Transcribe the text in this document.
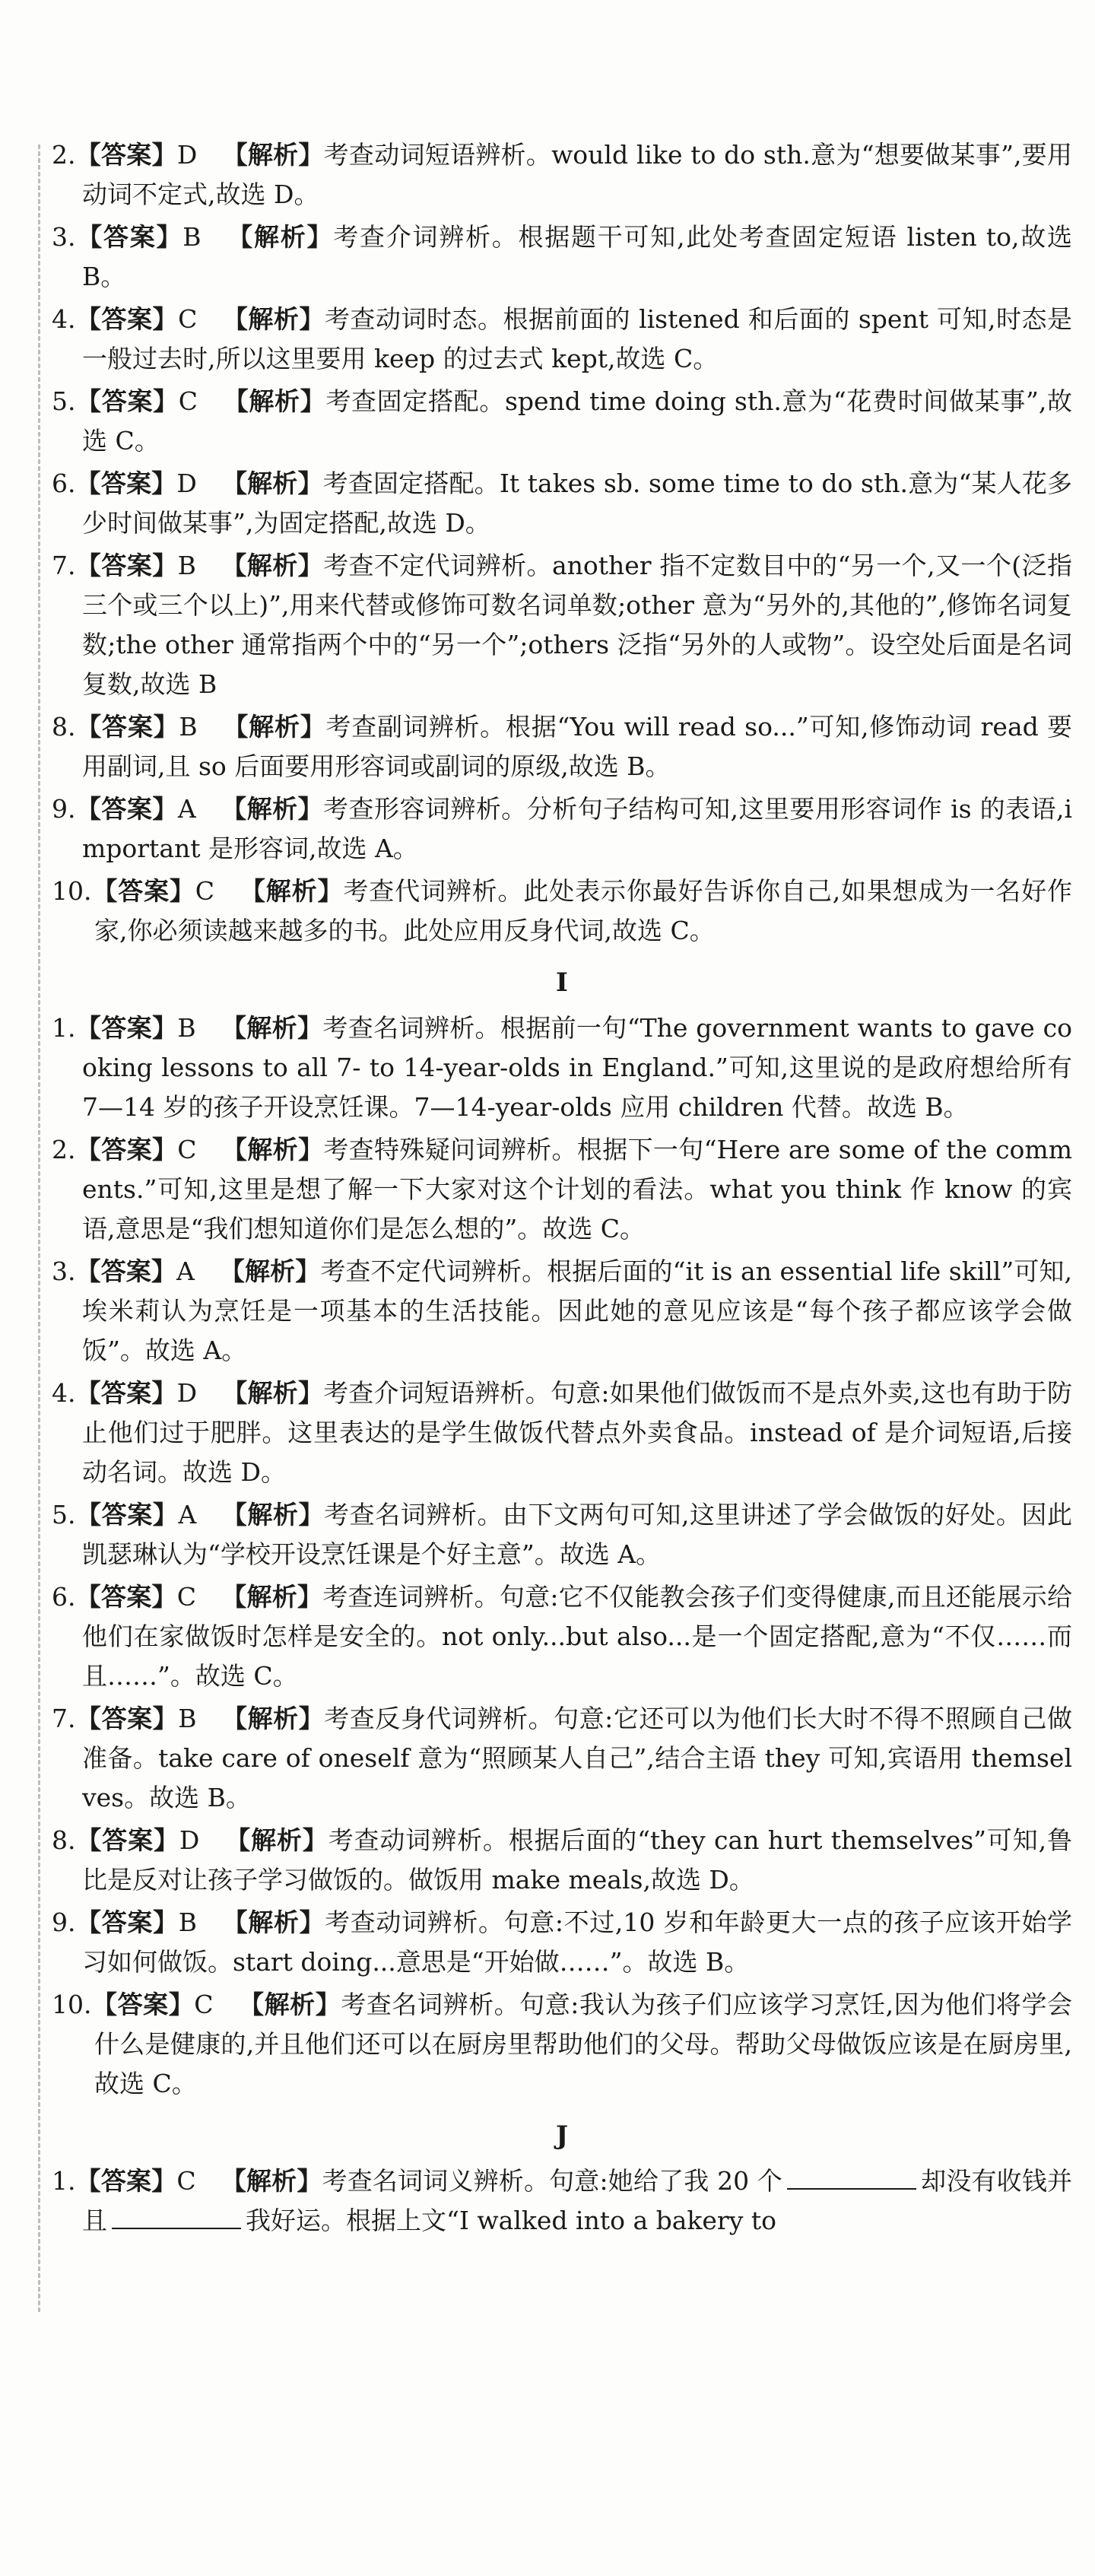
2.【答案】D  【解析】考查动词短语辨析。would like to do sth.意为“想要做某事”,要用动词不定式,故选 D。

3.【答案】B  【解析】考查介词辨析。根据题干可知,此处考查固定短语 listen to,故选 B。

4.【答案】C  【解析】考查动词时态。根据前面的 listened 和后面的 spent 可知,时态是一般过去时,所以这里要用 keep 的过去式 kept,故选 C。

5.【答案】C  【解析】考查固定搭配。spend time doing sth.意为“花费时间做某事”,故选 C。

6.【答案】D  【解析】考查固定搭配。It takes sb. some time to do sth.意为“某人花多少时间做某事”,为固定搭配,故选 D。

7.【答案】B  【解析】考查不定代词辨析。another 指不定数目中的“另一个,又一个(泛指三个或三个以上)”,用来代替或修饰可数名词单数;other 意为“另外的,其他的”,修饰名词复数;the other 通常指两个中的“另一个”;others 泛指“另外的人或物”。设空处后面是名词复数,故选 B

8.【答案】B  【解析】考查副词辨析。根据“You will read so...”可知,修饰动词 read 要用副词,且 so 后面要用形容词或副词的原级,故选 B。

9.【答案】A  【解析】考查形容词辨析。分析句子结构可知,这里要用形容词作 is 的表语,important 是形容词,故选 A。

10.【答案】C  【解析】考查代词辨析。此处表示你最好告诉你自己,如果想成为一名好作家,你必须读越来越多的书。此处应用反身代词,故选 C。

I

1.【答案】B  【解析】考查名词辨析。根据前一句“The government wants to gave cooking lessons to all 7- to 14-year-olds in England.”可知,这里说的是政府想给所有 7—14 岁的孩子开设烹饪课。7—14-year-olds 应用 children 代替。故选 B。

2.【答案】C  【解析】考查特殊疑问词辨析。根据下一句“Here are some of the comments.”可知,这里是想了解一下大家对这个计划的看法。what you think 作 know 的宾语,意思是“我们想知道你们是怎么想的”。故选 C。

3.【答案】A  【解析】考查不定代词辨析。根据后面的“it is an essential life skill”可知,埃米莉认为烹饪是一项基本的生活技能。因此她的意见应该是“每个孩子都应该学会做饭”。故选 A。

4.【答案】D  【解析】考查介词短语辨析。句意:如果他们做饭而不是点外卖,这也有助于防止他们过于肥胖。这里表达的是学生做饭代替点外卖食品。instead of 是介词短语,后接动名词。故选 D。

5.【答案】A  【解析】考查名词辨析。由下文两句可知,这里讲述了学会做饭的好处。因此凯瑟琳认为“学校开设烹饪课是个好主意”。故选 A。

6.【答案】C  【解析】考查连词辨析。句意:它不仅能教会孩子们变得健康,而且还能展示给他们在家做饭时怎样是安全的。not only...but also...是一个固定搭配,意为“不仅……而且……”。故选 C。

7.【答案】B  【解析】考查反身代词辨析。句意:它还可以为他们长大时不得不照顾自己做准备。take care of oneself 意为“照顾某人自己”,结合主语 they 可知,宾语用 themselves。故选 B。

8.【答案】D  【解析】考查动词辨析。根据后面的“they can hurt themselves”可知,鲁比是反对让孩子学习做饭的。做饭用 make meals,故选 D。

9.【答案】B  【解析】考查动词辨析。句意:不过,10 岁和年龄更大一点的孩子应该开始学习如何做饭。start doing...意思是“开始做……”。故选 B。

10.【答案】C  【解析】考查名词辨析。句意:我认为孩子们应该学习烹饪,因为他们将学会什么是健康的,并且他们还可以在厨房里帮助他们的父母。帮助父母做饭应该是在厨房里,故选 C。

J

1.【答案】C  【解析】考查名词词义辨析。句意:她给了我 20 个	却没有收钱并且	我好运。根据上文“I walked into a bakery to
